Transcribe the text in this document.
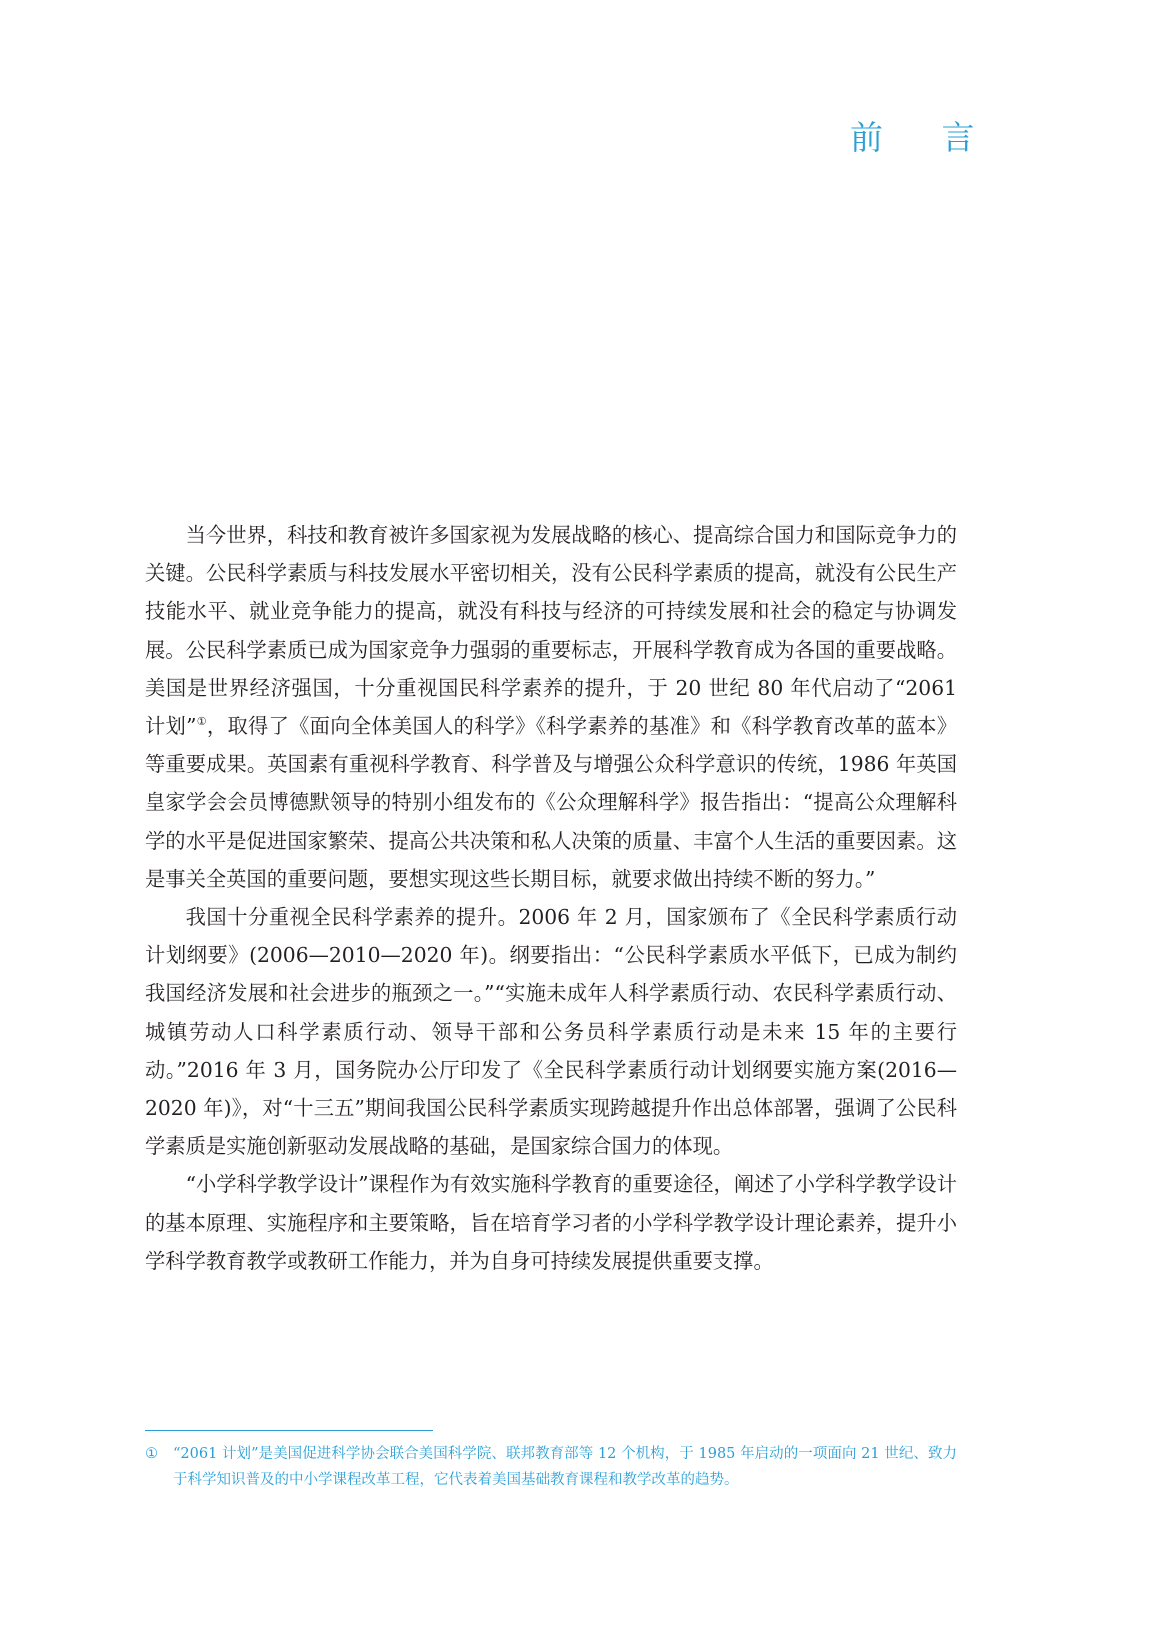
前 言

当今世界，科技和教育被许多国家视为发展战略的核心、提高综合国力和国际竞争力的关键。公民科学素质与科技发展水平密切相关，没有公民科学素质的提高，就没有公民生产技能水平、就业竞争能力的提高，就没有科技与经济的可持续发展和社会的稳定与协调发展。公民科学素质已成为国家竞争力强弱的重要标志，开展科学教育成为各国的重要战略。美国是世界经济强国，十分重视国民科学素养的提升，于 20 世纪 80 年代启动了“2061 计划”①，取得了《面向全体美国人的科学》《科学素养的基准》和《科学教育改革的蓝本》等重要成果。英国素有重视科学教育、科学普及与增强公众科学意识的传统，1986 年英国皇家学会会员博德默领导的特别小组发布的《公众理解科学》报告指出：“提高公众理解科学的水平是促进国家繁荣、提高公共决策和私人决策的质量、丰富个人生活的重要因素。这是事关全英国的重要问题，要想实现这些长期目标，就要求做出持续不断的努力。”

我国十分重视全民科学素养的提升。2006 年 2 月，国家颁布了《全民科学素质行动计划纲要》(2006—2010—2020 年)。纲要指出：“公民科学素质水平低下，已成为制约我国经济发展和社会进步的瓶颈之一。”“实施未成年人科学素质行动、农民科学素质行动、城镇劳动人口科学素质行动、领导干部和公务员科学素质行动是未来 15 年的主要行动。”2016 年 3 月，国务院办公厅印发了《全民科学素质行动计划纲要实施方案(2016—2020 年)》，对“十三五”期间我国公民科学素质实现跨越提升作出总体部署，强调了公民科学素质是实施创新驱动发展战略的基础，是国家综合国力的体现。

“小学科学教学设计”课程作为有效实施科学教育的重要途径，阐述了小学科学教学设计的基本原理、实施程序和主要策略，旨在培育学习者的小学科学教学设计理论素养，提升小学科学教育教学或教研工作能力，并为自身可持续发展提供重要支撑。

① “2061 计划”是美国促进科学协会联合美国科学院、联邦教育部等 12 个机构，于 1985 年启动的一项面向 21 世纪、致力于科学知识普及的中小学课程改革工程，它代表着美国基础教育课程和教学改革的趋势。
